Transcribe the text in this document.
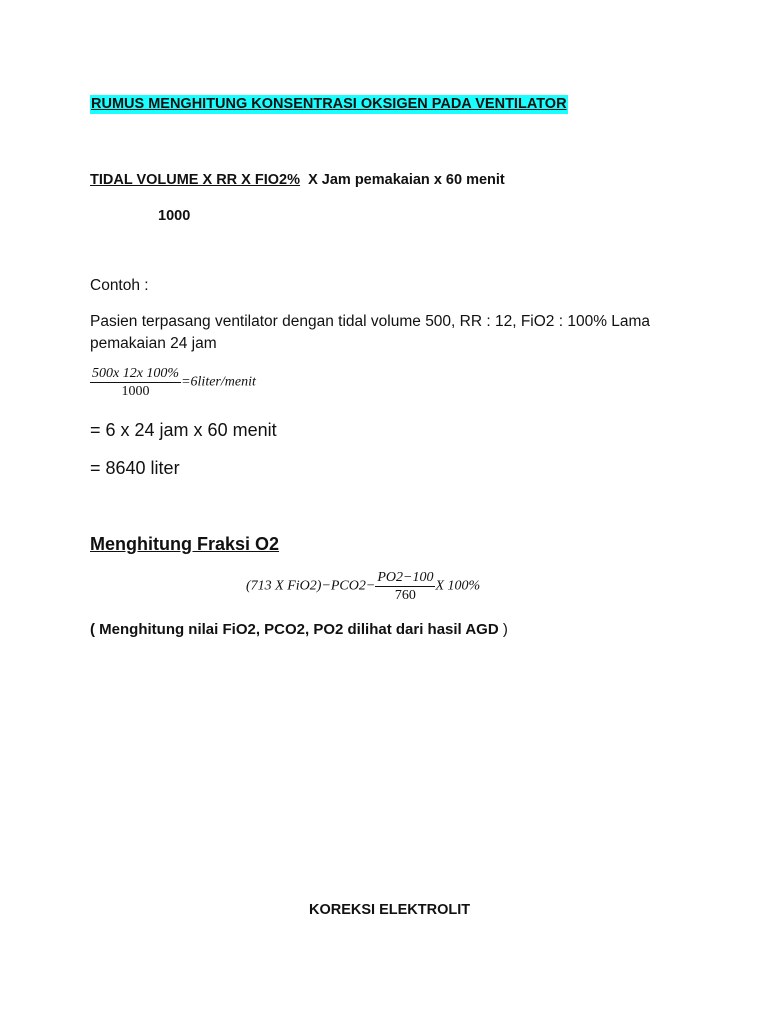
RUMUS MENGHITUNG KONSENTRASI OKSIGEN PADA VENTILATOR
TIDAL VOLUME X RR X FIO2% X Jam pemakaian x 60 menit
1000
Contoh :
Pasien terpasang ventilator dengan tidal volume 500, RR : 12, FiO2 : 100% Lama
pemakaian 24 jam
$\frac{500x 12x 100\%}{1000}$ =6liter/menit
= 6 x 24 jam x 60 menit
= 8640 liter
Menghitung Fraksi O2
(713 X $FiO2)-PCO2- \frac{PO2-100}{760}$ X 100%
( Menghitung nilai FiO2, PCO2, PO2 dilihat dari hasil AGD )
KOREKSI ELEKTROLIT
